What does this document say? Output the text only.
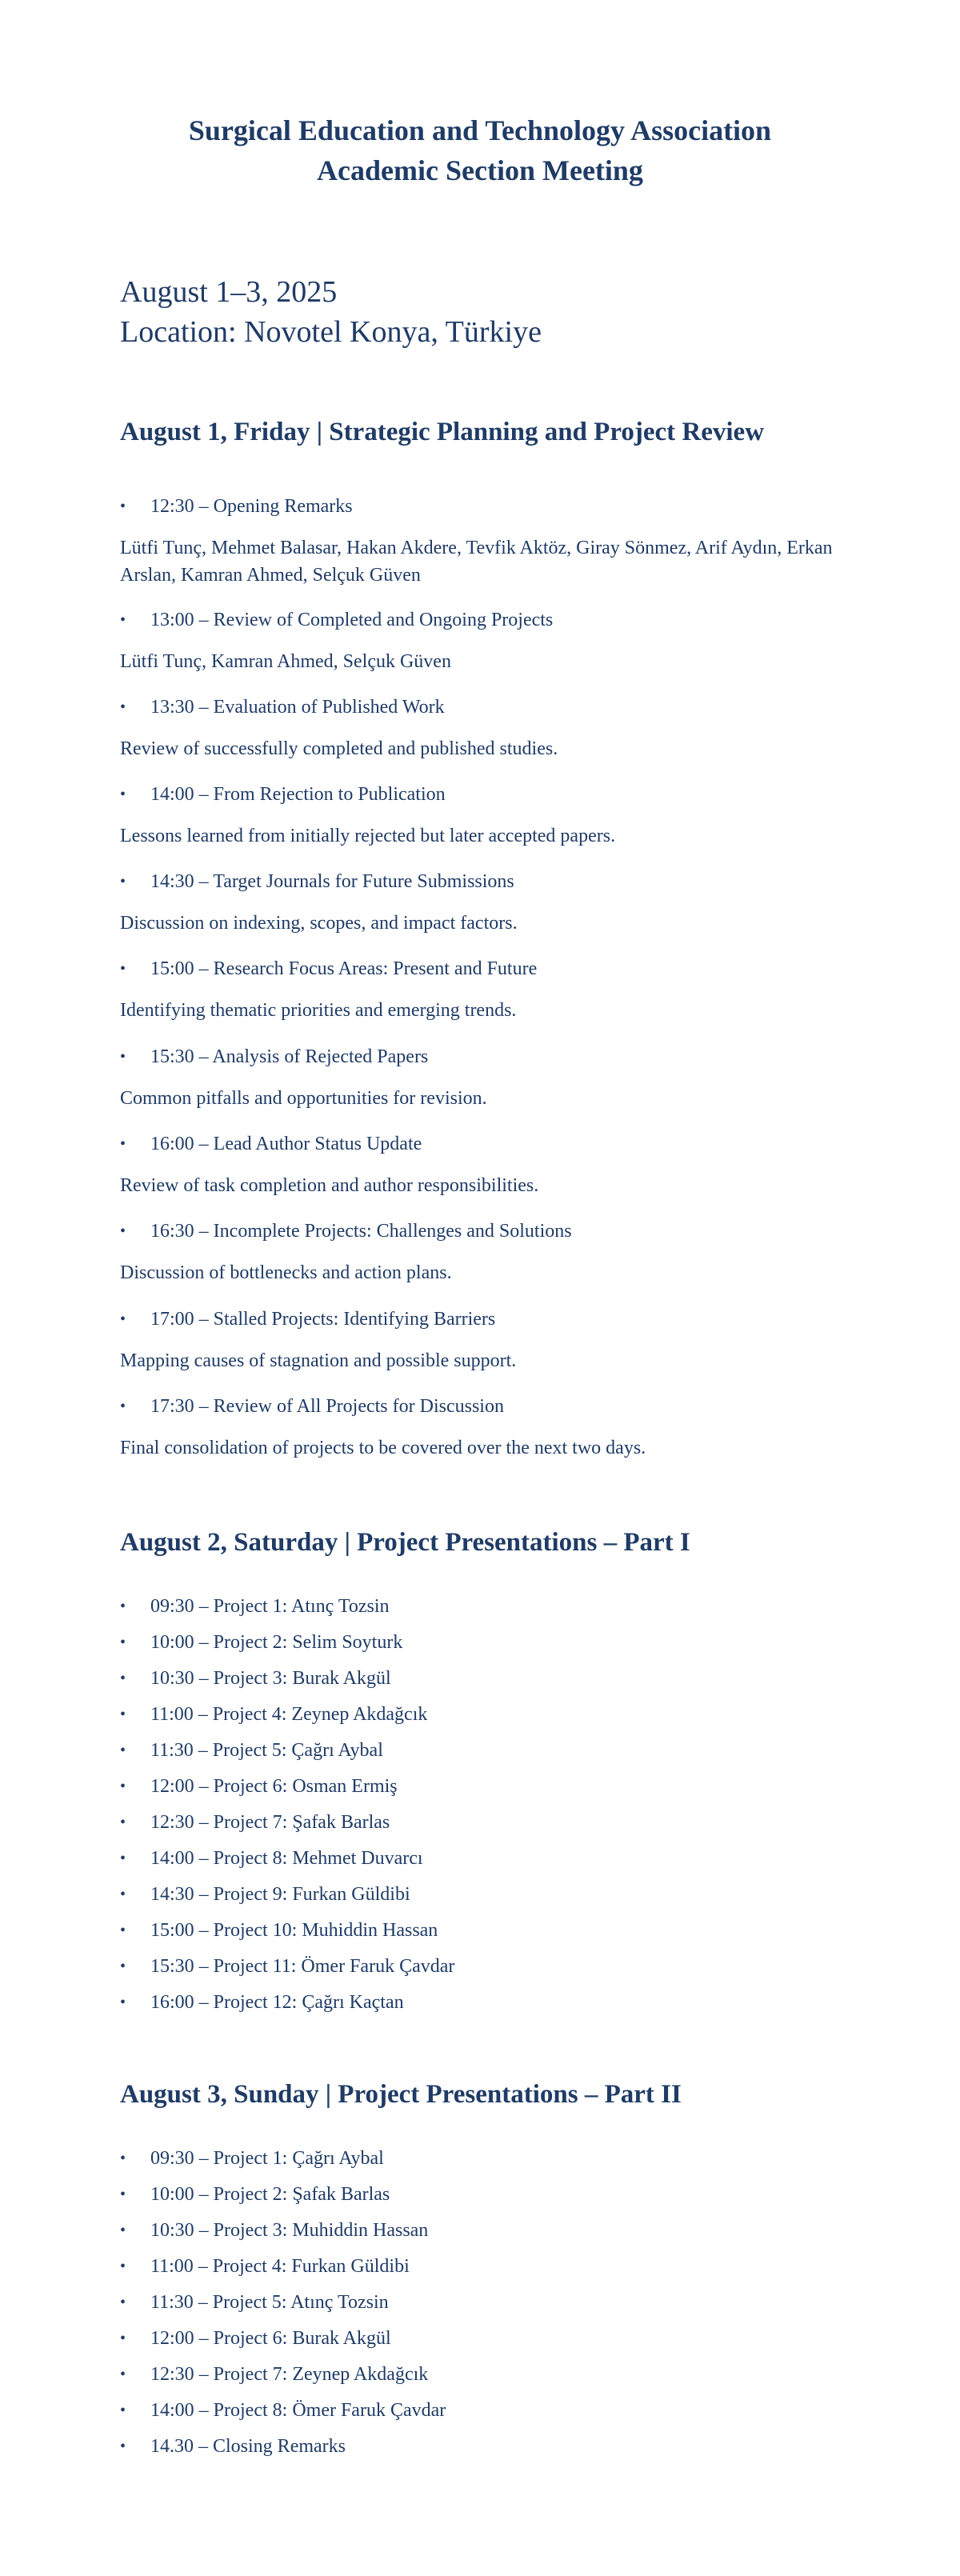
Surgical Education and Technology Association
Academic Section Meeting
August 1–3, 2025
Location: Novotel Konya, Türkiye
August 1, Friday | Strategic Planning and Project Review
• 12:30 – Opening Remarks
Lütfi Tunç, Mehmet Balasar, Hakan Akdere, Tevfik Aktöz, Giray Sönmez, Arif Aydın, Erkan Arslan, Kamran Ahmed, Selçuk Güven
• 13:00 – Review of Completed and Ongoing Projects
Lütfi Tunç, Kamran Ahmed, Selçuk Güven
• 13:30 – Evaluation of Published Work
Review of successfully completed and published studies.
• 14:00 – From Rejection to Publication
Lessons learned from initially rejected but later accepted papers.
• 14:30 – Target Journals for Future Submissions
Discussion on indexing, scopes, and impact factors.
• 15:00 – Research Focus Areas: Present and Future
Identifying thematic priorities and emerging trends.
• 15:30 – Analysis of Rejected Papers
Common pitfalls and opportunities for revision.
• 16:00 – Lead Author Status Update
Review of task completion and author responsibilities.
• 16:30 – Incomplete Projects: Challenges and Solutions
Discussion of bottlenecks and action plans.
• 17:00 – Stalled Projects: Identifying Barriers
Mapping causes of stagnation and possible support.
• 17:30 – Review of All Projects for Discussion
Final consolidation of projects to be covered over the next two days.
August 2, Saturday | Project Presentations – Part I
• 09:30 – Project 1: Atınç Tozsin
• 10:00 – Project 2: Selim Soyturk
• 10:30 – Project 3: Burak Akgül
• 11:00 – Project 4: Zeynep Akdağcık
• 11:30 – Project 5: Çağrı Aybal
• 12:00 – Project 6: Osman Ermiş
• 12:30 – Project 7: Şafak Barlas
• 14:00 – Project 8: Mehmet Duvarcı
• 14:30 – Project 9: Furkan Güldibi
• 15:00 – Project 10: Muhiddin Hassan
• 15:30 – Project 11: Ömer Faruk Çavdar
• 16:00 – Project 12: Çağrı Kaçtan
August 3, Sunday | Project Presentations – Part II
• 09:30 – Project 1: Çağrı Aybal
• 10:00 – Project 2: Şafak Barlas
• 10:30 – Project 3: Muhiddin Hassan
• 11:00 – Project 4: Furkan Güldibi
• 11:30 – Project 5: Atınç Tozsin
• 12:00 – Project 6: Burak Akgül
• 12:30 – Project 7: Zeynep Akdağcık
• 14:00 – Project 8: Ömer Faruk Çavdar
• 14.30 – Closing Remarks
